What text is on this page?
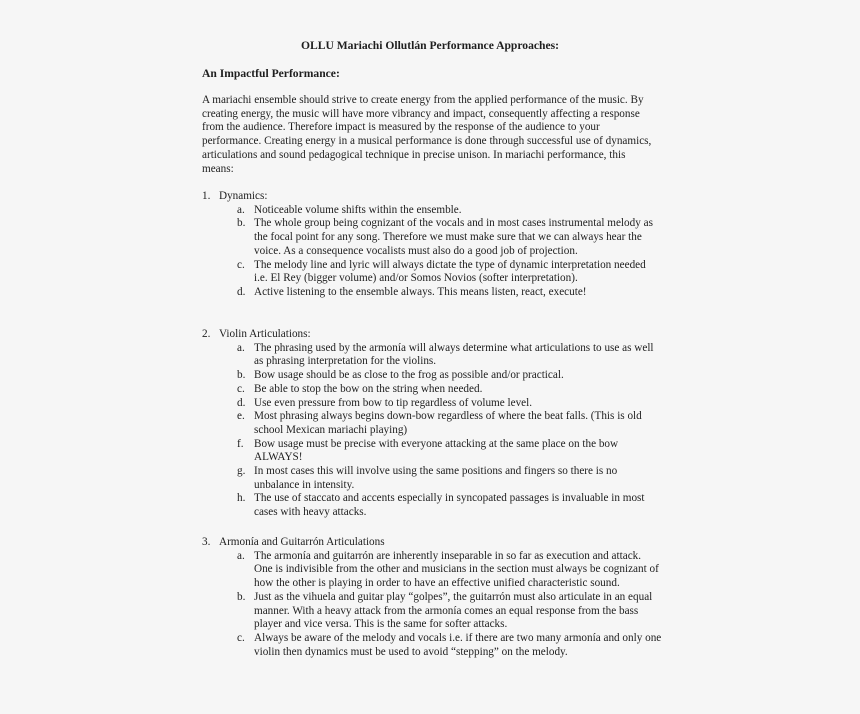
OLLU Mariachi Ollutlán Performance Approaches:
An Impactful Performance:

A mariachi ensemble should strive to create energy from the applied performance of the music. By creating energy, the music will have more vibrancy and impact, consequently affecting a response from the audience. Therefore impact is measured by the response of the audience to your performance. Creating energy in a musical performance is done through successful use of dynamics, articulations and sound pedagogical technique in precise unison. In mariachi performance, this means:

1. Dynamics:
a. Noticeable volume shifts within the ensemble.
b. The whole group being cognizant of the vocals and in most cases instrumental melody as the focal point for any song. Therefore we must make sure that we can always hear the voice. As a consequence vocalists must also do a good job of projection.
c. The melody line and lyric will always dictate the type of dynamic interpretation needed i.e. El Rey (bigger volume) and/or Somos Novios (softer interpretation).
d. Active listening to the ensemble always. This means listen, react, execute!
2. Violin Articulations:
a. The phrasing used by the armonía will always determine what articulations to use as well as phrasing interpretation for the violins.
b. Bow usage should be as close to the frog as possible and/or practical.
c. Be able to stop the bow on the string when needed.
d. Use even pressure from bow to tip regardless of volume level.
e. Most phrasing always begins down-bow regardless of where the beat falls. (This is old school Mexican mariachi playing)
f. Bow usage must be precise with everyone attacking at the same place on the bow ALWAYS!
g. In most cases this will involve using the same positions and fingers so there is no unbalance in intensity.
h. The use of staccato and accents especially in syncopated passages is invaluable in most cases with heavy attacks.
3. Armonía and Guitarrón Articulations
a. The armonía and guitarrón are inherently inseparable in so far as execution and attack. One is indivisible from the other and musicians in the section must always be cognizant of how the other is playing in order to have an effective unified characteristic sound.
b. Just as the vihuela and guitar play “golpes”, the guitarrón must also articulate in an equal manner. With a heavy attack from the armonía comes an equal response from the bass player and vice versa. This is the same for softer attacks.
c. Always be aware of the melody and vocals i.e. if there are two many armonía and only one violin then dynamics must be used to avoid “stepping” on the melody.
